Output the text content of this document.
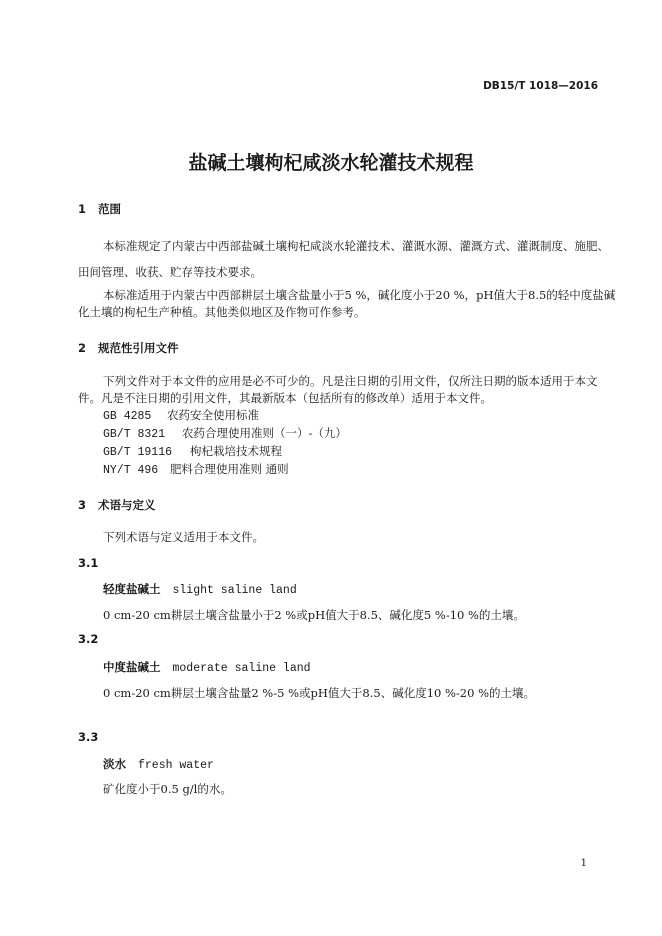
DB15/T 1018—2016
盐碱土壤枸杞咸淡水轮灌技术规程
1 范围
本标准规定了内蒙古中西部盐碱土壤枸杞咸淡水轮灌技术、灌溉水源、灌溉方式、灌溉制度、施肥、
田间管理、收获、贮存等技术要求。
本标准适用于内蒙古中西部耕层土壤含盐量小于5 %，碱化度小于20 %，pH值大于8.5的轻中度盐碱
化土壤的枸杞生产种植。其他类似地区及作物可作参考。
2 规范性引用文件
下列文件对于本文件的应用是必不可少的。凡是注日期的引用文件，仅所注日期的版本适用于本文
件。凡是不注日期的引用文件，其最新版本（包括所有的修改单）适用于本文件。
GB 4285 农药安全使用标准
GB/T 8321 农药合理使用准则（一）-（九）
GB/T 19116 枸杞栽培技术规程
NY/T 496 肥料合理使用准则 通则
3 术语与定义
下列术语与定义适用于本文件。
3.1
轻度盐碱土 slight saline land
0 cm-20 cm耕层土壤含盐量小于2 %或pH值大于8.5、碱化度5 %-10 %的土壤。
3.2
中度盐碱土 moderate saline land
0 cm-20 cm耕层土壤含盐量2 %-5 %或pH值大于8.5、碱化度10 %-20 %的土壤。
3.3
淡水 fresh water
矿化度小于0.5 g/l的水。
1
